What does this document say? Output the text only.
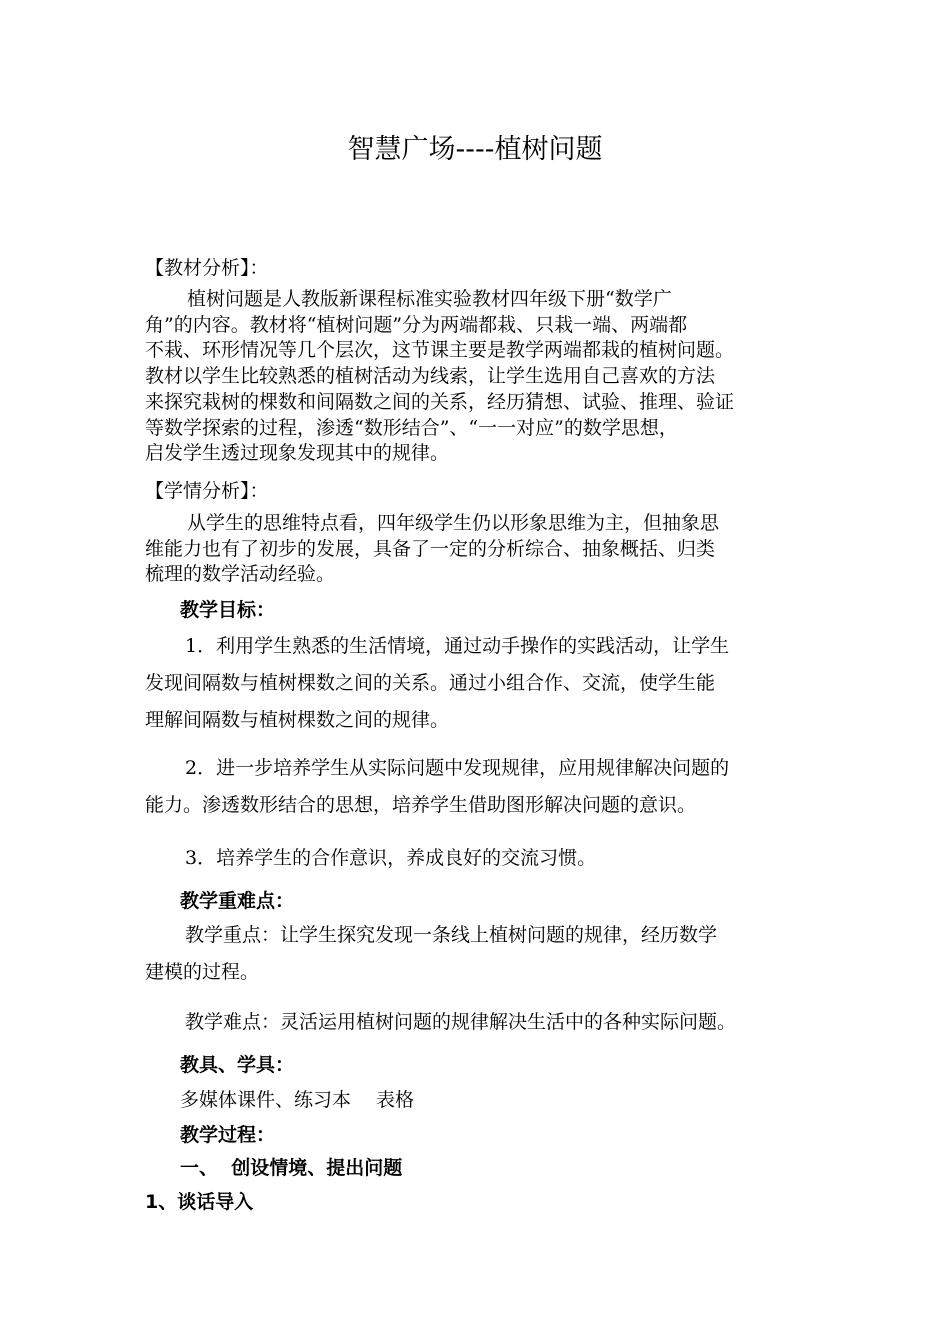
智慧广场----植树问题
【教材分析】：
植树问题是人教版新课程标准实验教材四年级下册“数学广
角”的内容。教材将“植树问题”分为两端都栽、只栽一端、两端都
不栽、环形情况等几个层次，这节课主要是教学两端都栽的植树问题。
教材以学生比较熟悉的植树活动为线索，让学生选用自己喜欢的方法
来探究栽树的棵数和间隔数之间的关系，经历猜想、试验、推理、验证
等数学探索的过程，渗透“数形结合”、“一一对应”的数学思想，
启发学生透过现象发现其中的规律。
【学情分析】：
从学生的思维特点看，四年级学生仍以形象思维为主，但抽象思
维能力也有了初步的发展，具备了一定的分析综合、抽象概括、归类
梳理的数学活动经验。
教学目标：
1．利用学生熟悉的生活情境，通过动手操作的实践活动，让学生
发现间隔数与植树棵数之间的关系。通过小组合作、交流，使学生能
理解间隔数与植树棵数之间的规律。
2．进一步培养学生从实际问题中发现规律，应用规律解决问题的
能力。渗透数形结合的思想，培养学生借助图形解决问题的意识。
3．培养学生的合作意识，养成良好的交流习惯。
教学重难点：
教学重点：让学生探究发现一条线上植树问题的规律，经历数学
建模的过程。
教学难点：灵活运用植树问题的规律解决生活中的各种实际问题。
教具、学具：
多媒体课件、练习本　 表格
教学过程：
一、  创设情境、提出问题
1、谈话导入
